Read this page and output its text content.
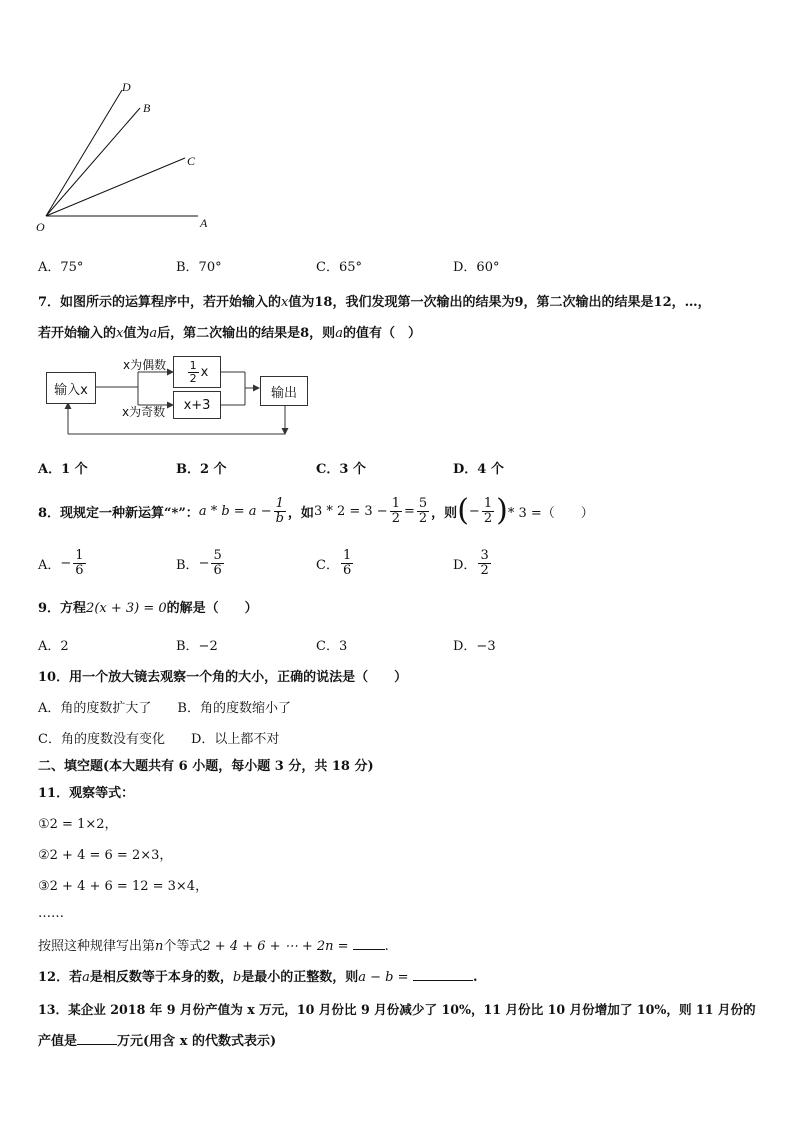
O	A
C
B
D
A．75°	B．70°	C．65°	D．60°
7．如图所示的运算程序中，若开始输入的x值为18，我们发现第一次输出的结果为9，第二次输出的结果是12，…，
若开始输入的x值为a后，第二次输出的结果是8，则a的值有（　）
输入x
$\frac{1}{2}$ x
x+3
输出
x为偶数
x为奇数
A．1 个	B．2 个	C．3 个	D．4 个
8．现规定一种新运算“*”： $a * b = a - \frac{1}{b}$ ，如 $3 * 2 = 3 - \frac{1}{2} = \frac{5}{2}$ ，则 ( − $\frac{1}{2}$ ) * 3 =（　　）
A． − $\frac{1}{6}$	B． − $\frac{5}{6}$	C． $\frac{1}{6}$	D． $\frac{3}{2}$
9．方程2(x + 3) = 0的解是（　　）
A．2	B．−2	C．3	D．−3
10．用一个放大镜去观察一个角的大小，正确的说法是（　　）
A．角的度数扩大了　　B．角的度数缩小了
C．角的度数没有变化　　D．以上都不对
二、填空题(本大题共有 6 小题，每小题 3 分，共 18 分)
11．观察等式：
①2 = 1×2，
②2 + 4 = 6 = 2×3，
③2 + 4 + 6 = 12 = 3×4，
……
按照这种规律写出第n个等式2 + 4 + 6 + ⋯ + 2n =	.
12．若a是相反数等于本身的数，b是最小的正整数，则a − b =	.
13．某企业 2018 年 9 月份产值为 x 万元，10 月份比 9 月份减少了 10%，11 月份比 10 月份增加了 10%，则 11 月份的
产值是	万元(用含 x 的代数式表示)
